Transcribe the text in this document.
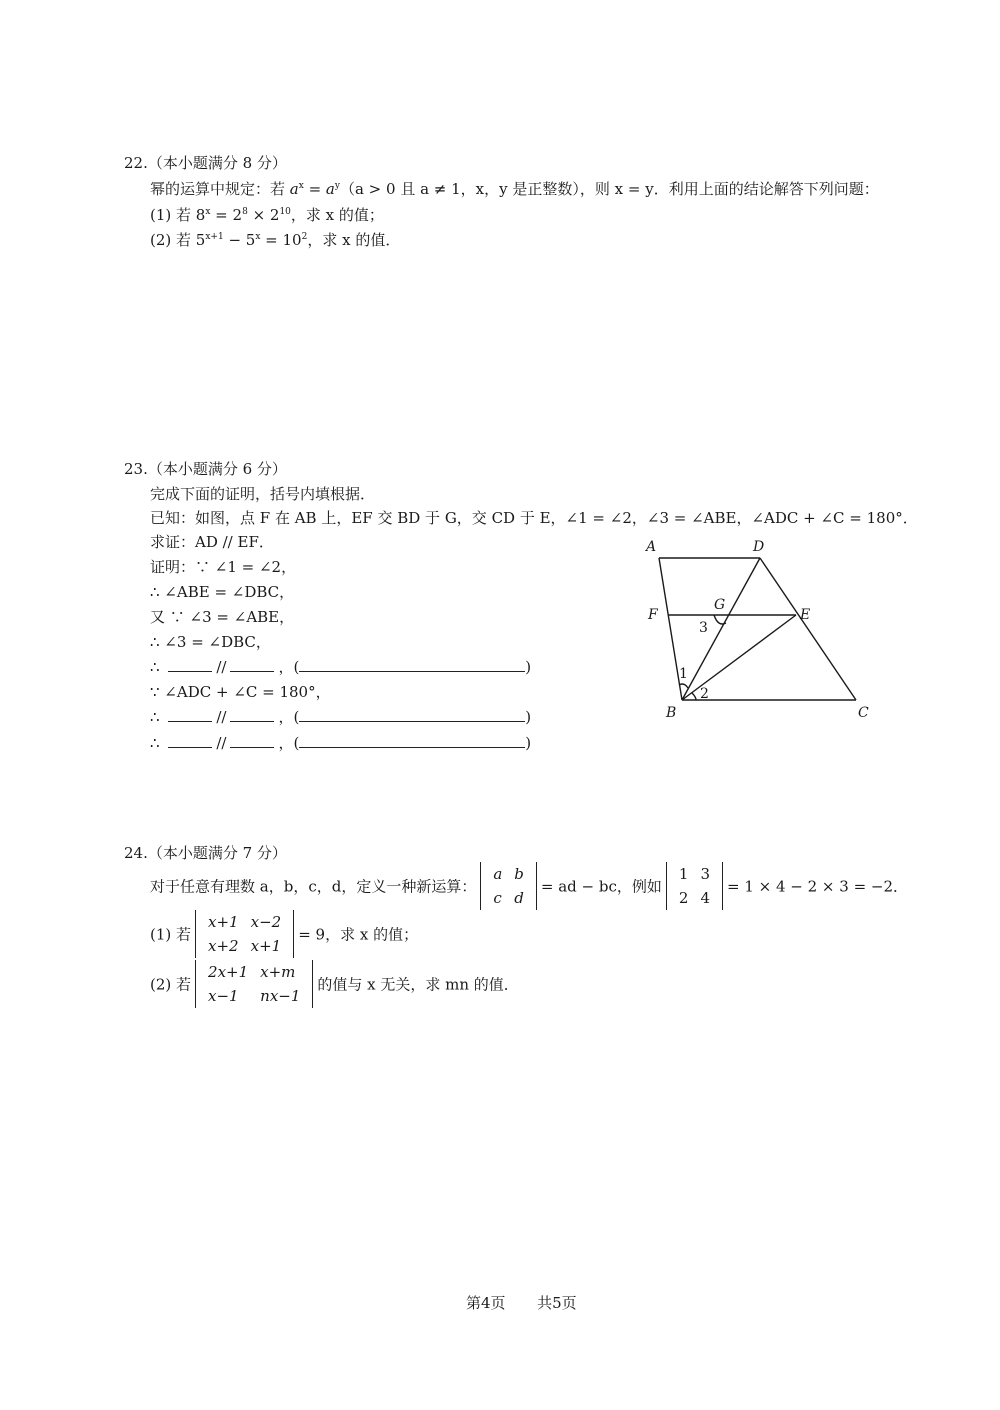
22.（本小题满分 8 分）
幂的运算中规定：若 $a^x = a^y(a > 0$ 且 a ≠ 1，x，y 是正整数），则 x = y．利用上面的结论解答下列问题：
(1) 若 $8^x = 2^8 \times 2^{10}$，求 x 的值；
(2) 若 $5^{x+1} - 5^x = 10^2$，求 x 的值．
23.（本小题满分 6 分）
完成下面的证明，括号内填根据．
已知：如图，点 F 在 AB 上，EF 交 BD 于 G，交 CD 于 E，∠1 = ∠2，∠3 = ∠ABE，∠ADC + ∠C = 180°．
求证：AD // EF．
证明：∵ ∠1 = ∠2，
∴ ∠ABE = ∠DBC，
又 ∵ ∠3 = ∠ABE，
∴ ∠3 = ∠DBC，
∴	//	，(	)
∵ ∠ADC + ∠C = 180°，
∴	//	，(	)
∴	//	，(	)
A	D
F
G
E
B	C
1
2
3
24.（本小题满分 7 分）
对于任意有理数 a，b，c，d，定义一种新运算：
a	b
c	d
= ad − bc，例如
1	3
2	4
= 1 × 4 − 2 × 3 = −2．
(1) 若
x+1	x−2
x+2	x+1
= 9，求 x 的值；
(2) 若
2x+1	x+m
x−1	nx−1
的值与 x 无关，求 mn 的值．
第4页 共5页
